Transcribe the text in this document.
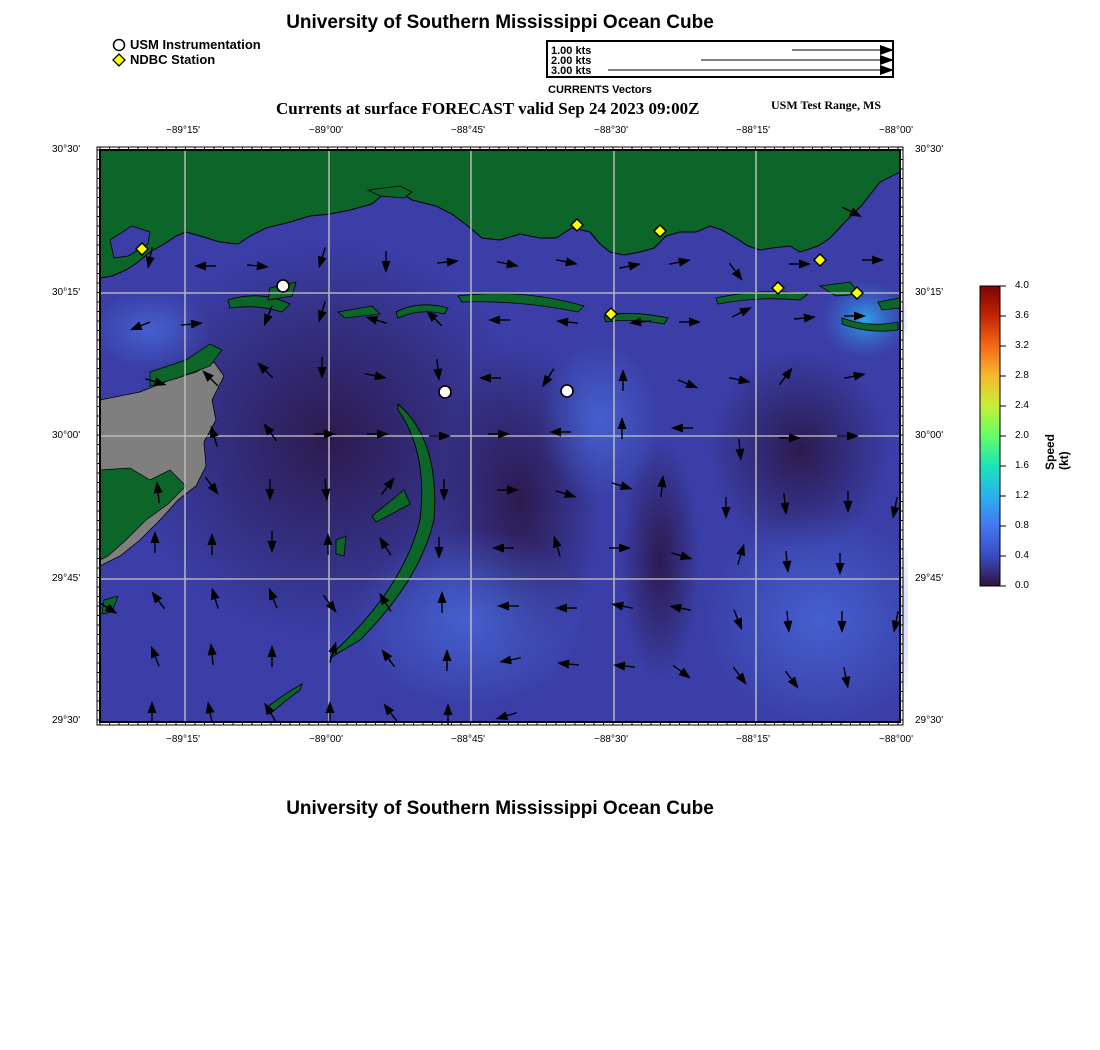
University of Southern Mississippi Ocean Cube
USM Instrumentation
NDBC Station
1.00 kts
2.00 kts
3.00 kts
CURRENTS Vectors
Currents at surface FORECAST valid Sep 24 2023 09:00Z	USM Test Range, MS
−89°15'	−89°00'	−88°45'	−88°30'	−88°15'	−88°00'
−89°15'	−89°00'	−88°45'	−88°30'	−88°15'	−88°00'
30°30'
30°15'
30°00'
29°45'
29°30'
30°30'
30°15'
30°00'
29°45'
29°30'
4.0
3.6
3.2
2.8
2.4
2.0
1.6
1.2
0.8
0.4
0.0
Speed (kt)
University of Southern Mississippi Ocean Cube
